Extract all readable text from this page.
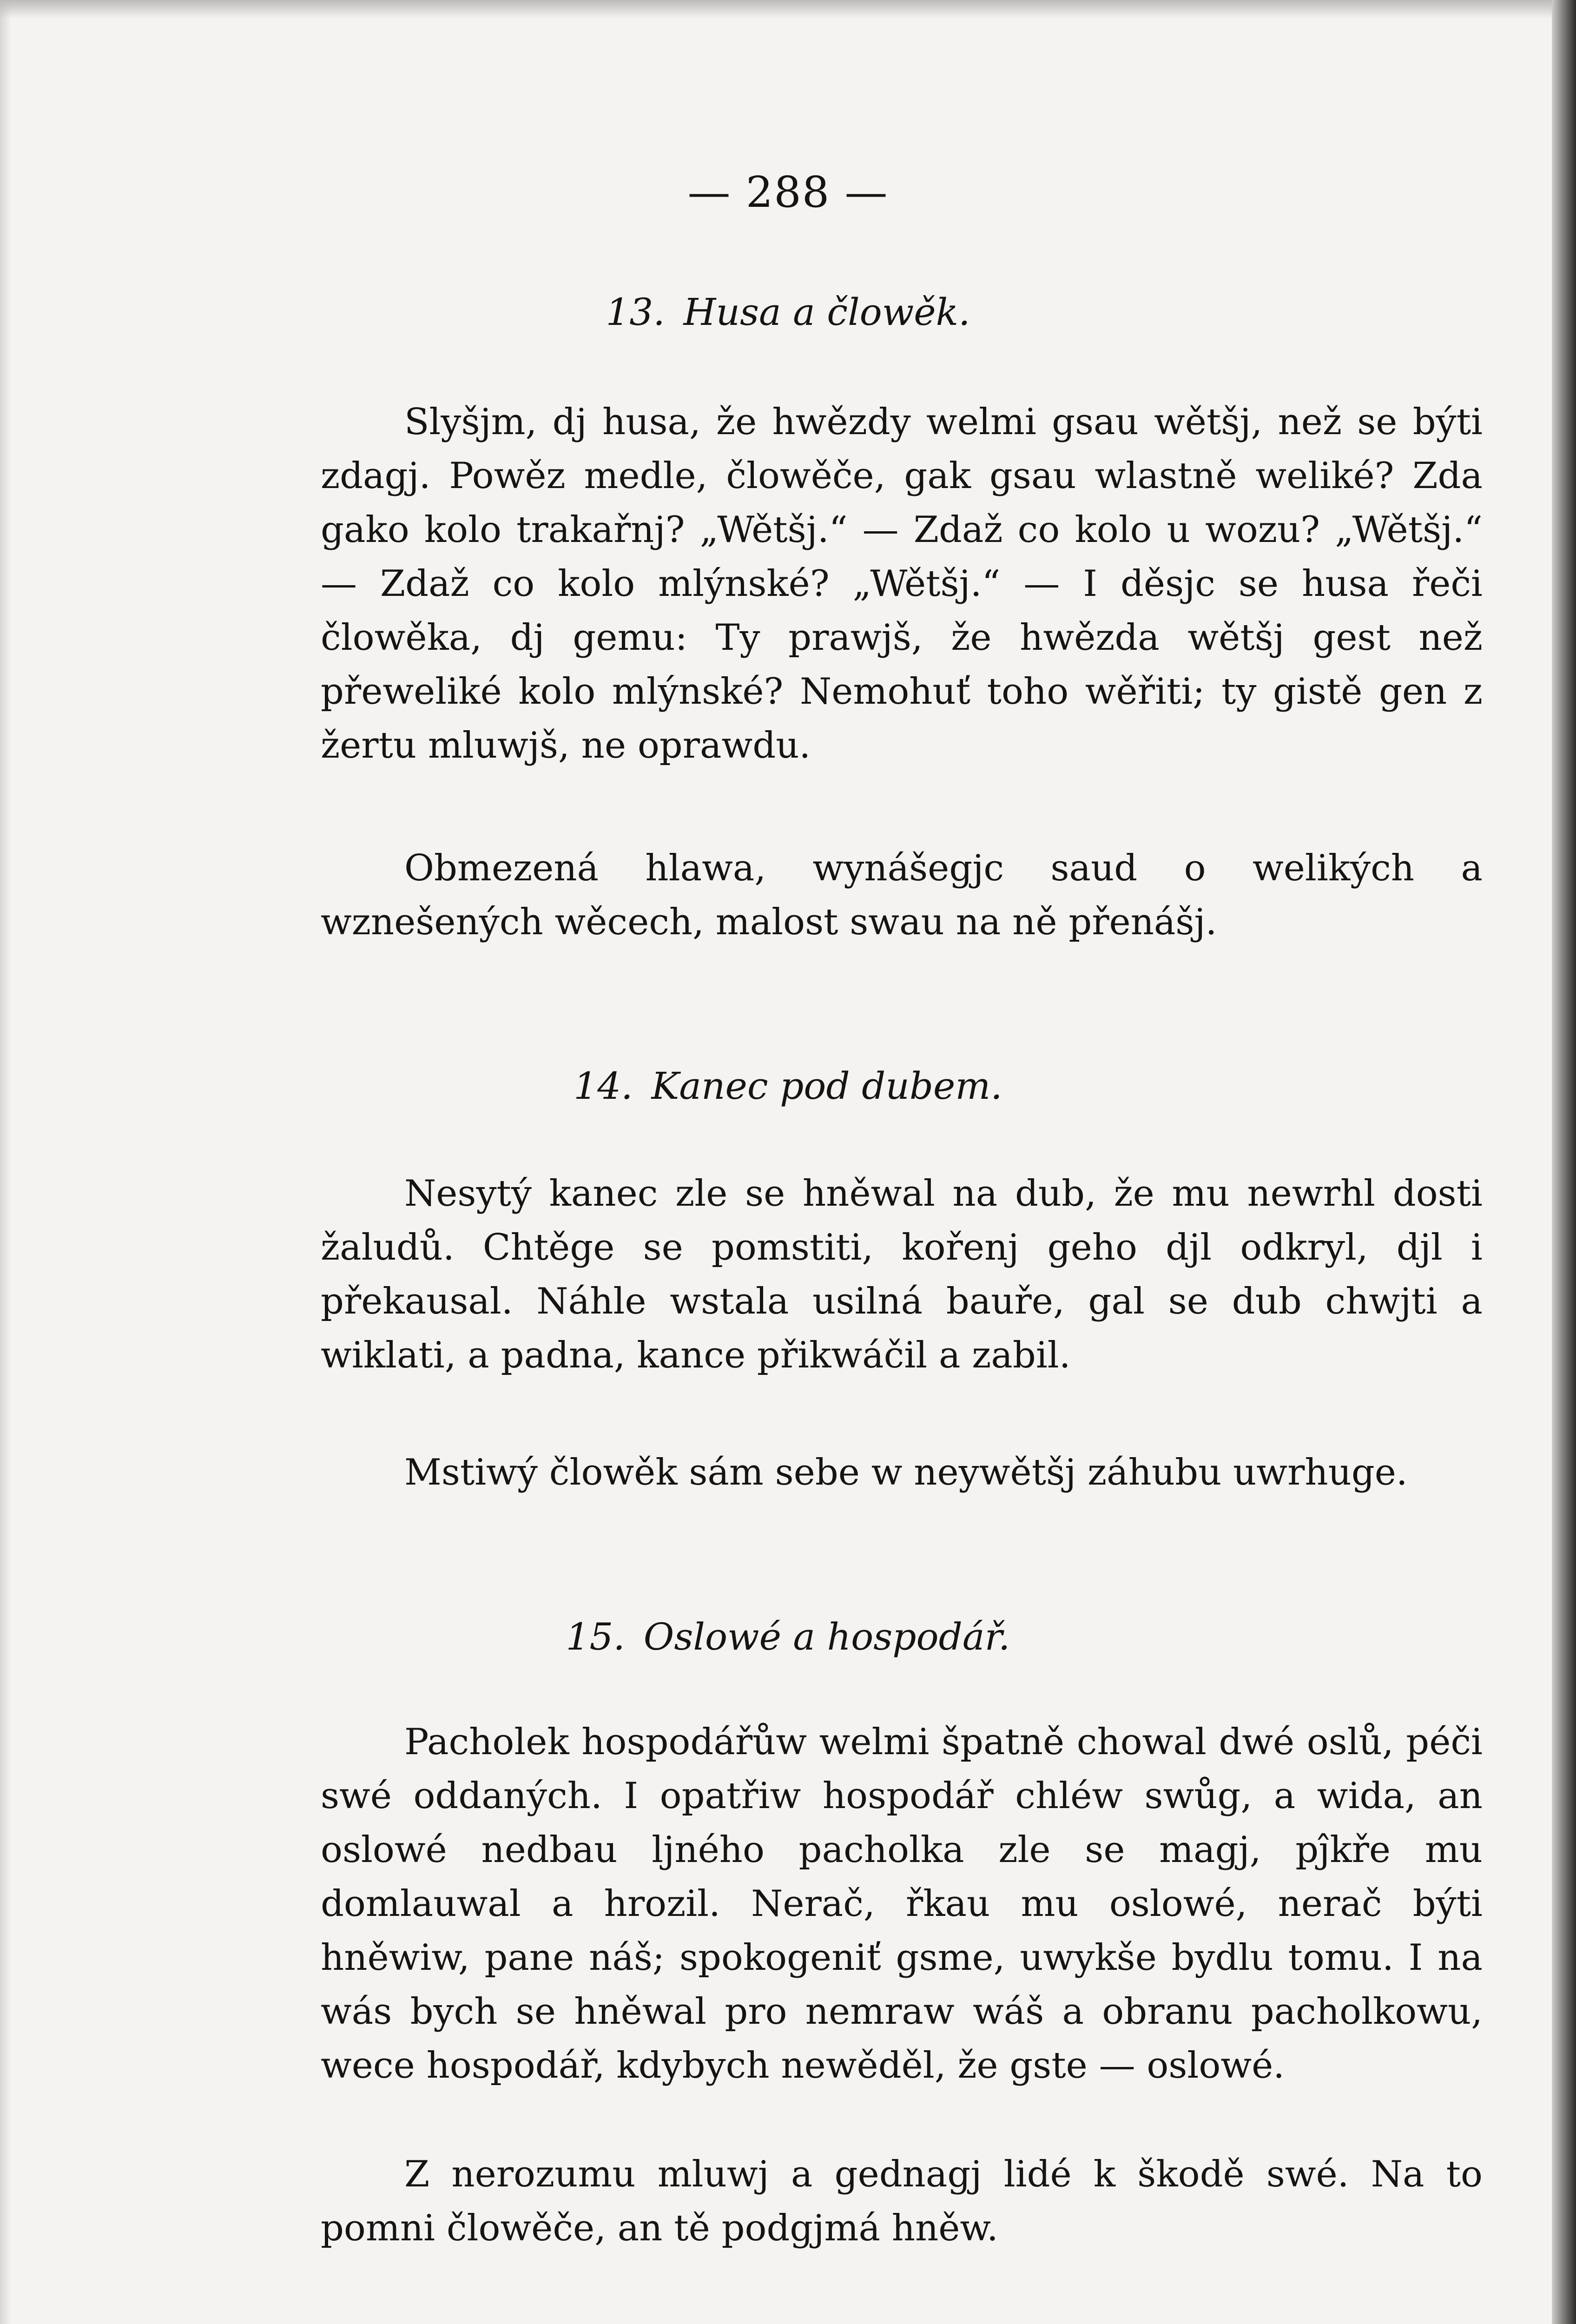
— 288 —
13. Husa a člowěk.

Slyšjm, dj husa, že hwězdy welmi gsau wětšj, než se býti zdagj. Powěz medle, člowěče, gak gsau wlastně weliké? Zda gako kolo trakařnj? „Wětšj.“ — Zdaž co kolo u wozu? „Wětšj.“ — Zdaž co kolo mlýnské? „Wětšj.“ — I děsjc se husa řeči člowěka, dj gemu: Ty prawjš, že hwězda wětšj gest než přeweliké kolo mlýnské? Nemohuť toho wěřiti; ty gistě gen z žertu mluwjš, ne oprawdu.

Obmezená hlawa, wynášegjc saud o welikých a wznešených wěcech, malost swau na ně přenášj.

14. Kanec pod dubem.

Nesytý kanec zle se hněwal na dub, že mu newrhl dosti žaludů. Chtěge se pomstiti, kořenj geho djl odkryl, djl i překausal. Náhle wstala usilná bauře, gal se dub chwjti a wiklati, a padna, kance přikwáčil a zabil.

Mstiwý člowěk sám sebe w neywětšj záhubu uwrhuge.

15. Oslowé a hospodář.

Pacholek hospodářůw welmi špatně chowal dwé oslů, péči swé oddaných. I opatřiw hospodář chléw swůg, a wida, an oslowé nedbau ljného pacholka zle se magj, pĵkře mu domlauwal a hrozil. Nerač, řkau mu oslowé, nerač býti hněwiw, pane náš; spokogeniť gsme, uwykše bydlu tomu. I na wás bych se hněwal pro nemraw wáš a obranu pacholkowu, wece hospodář, kdybych newěděl, že gste — oslowé.

Z nerozumu mluwj a gednagj lidé k škodě swé. Na to pomni člowěče, an tě podgjmá hněw.
